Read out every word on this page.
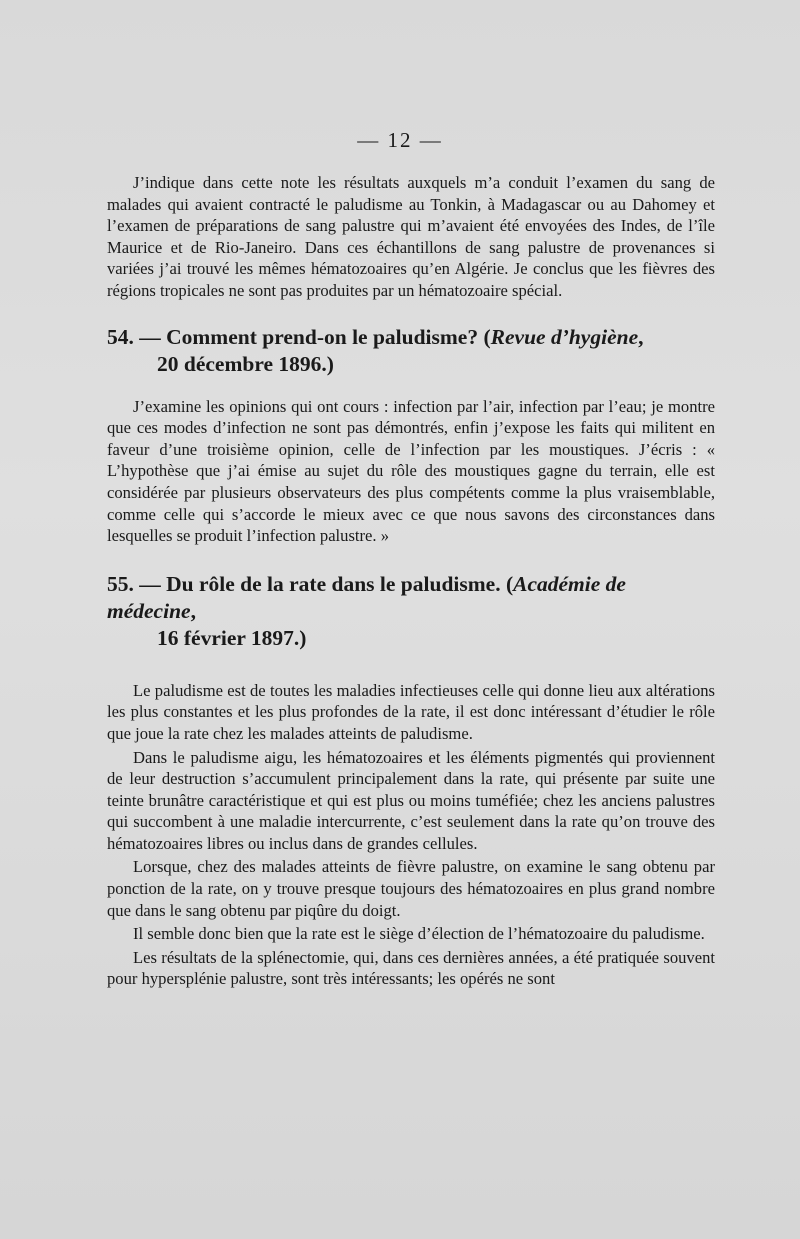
— 12 —

J’indique dans cette note les résultats auxquels m’a conduit l’examen du sang de malades qui avaient contracté le paludisme au Tonkin, à Madagascar ou au Dahomey et l’examen de préparations de sang palustre qui m’avaient été envoyées des Indes, de l’île Maurice et de Rio-Janeiro. Dans ces échantillons de sang palustre de provenances si variées j’ai trouvé les mêmes hématozoaires qu’en Algérie. Je conclus que les fièvres des régions tropicales ne sont pas produites par un hématozoaire spécial.

54. — Comment prend-on le paludisme? (Revue d’hygiène,
20 décembre 1896.)

J’examine les opinions qui ont cours : infection par l’air, infection par l’eau; je montre que ces modes d’infection ne sont pas démontrés, enfin j’expose les faits qui militent en faveur d’une troisième opinion, celle de l’infection par les moustiques. J’écris : « L’hypothèse que j’ai émise au sujet du rôle des moustiques gagne du terrain, elle est considérée par plusieurs observateurs des plus compétents comme la plus vraisemblable, comme celle qui s’accorde le mieux avec ce que nous savons des circonstances dans lesquelles se produit l’infection palustre. »

55. — Du rôle de la rate dans le paludisme. (Académie de médecine,
16 février 1897.)

Le paludisme est de toutes les maladies infectieuses celle qui donne lieu aux altérations les plus constantes et les plus profondes de la rate, il est donc intéressant d’étudier le rôle que joue la rate chez les malades atteints de paludisme.

Dans le paludisme aigu, les hématozoaires et les éléments pigmentés qui proviennent de leur destruction s’accumulent principalement dans la rate, qui présente par suite une teinte brunâtre caractéristique et qui est plus ou moins tuméfiée; chez les anciens palustres qui succombent à une maladie intercurrente, c’est seulement dans la rate qu’on trouve des hématozoaires libres ou inclus dans de grandes cellules.

Lorsque, chez des malades atteints de fièvre palustre, on examine le sang obtenu par ponction de la rate, on y trouve presque toujours des hématozoaires en plus grand nombre que dans le sang obtenu par piqûre du doigt.

Il semble donc bien que la rate est le siège d’élection de l’hématozoaire du paludisme.

Les résultats de la splénectomie, qui, dans ces dernières années, a été pratiquée souvent pour hypersplénie palustre, sont très intéressants; les opérés ne sont
